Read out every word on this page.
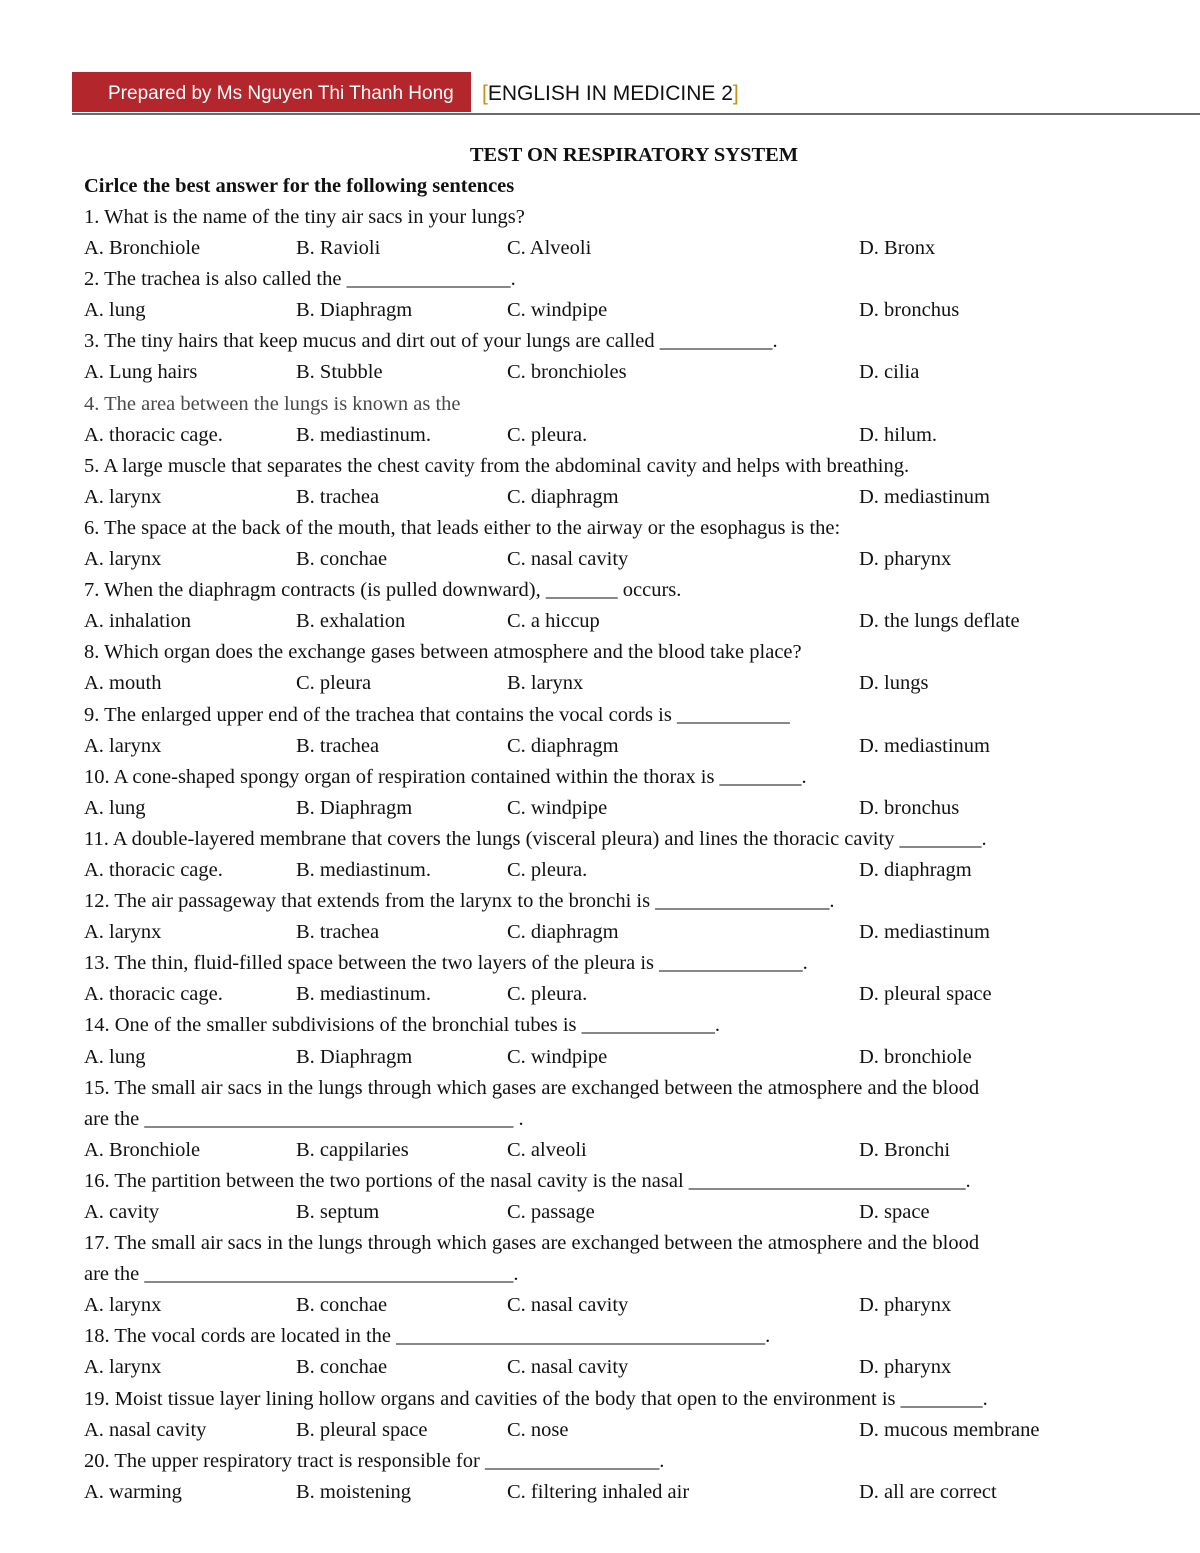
Prepared by Ms Nguyen Thi Thanh Hong	[ENGLISH IN MEDICINE 2]
TEST ON RESPIRATORY SYSTEM
Cirlce the best answer for the following sentences
1. What is the name of the tiny air sacs in your lungs?
A. Bronchiole	B. Ravioli	C. Alveoli	D. Bronx
2. The trachea is also called the ________________.
A. lung	B. Diaphragm	C. windpipe	D. bronchus
3. The tiny hairs that keep mucus and dirt out of your lungs are called ___________.
A. Lung hairs	B. Stubble	C. bronchioles	D. cilia
4. The area between the lungs is known as the
A. thoracic cage.	B. mediastinum.	C. pleura.	D. hilum.
5. A large muscle that separates the chest cavity from the abdominal cavity and helps with breathing.
A. larynx	B. trachea	C. diaphragm	D. mediastinum
6. The space at the back of the mouth, that leads either to the airway or the esophagus is the:
A. larynx	B. conchae	C. nasal cavity	D. pharynx
7. When the diaphragm contracts (is pulled downward), _______ occurs.
A. inhalation	B. exhalation	C. a hiccup	D. the lungs deflate
8. Which organ does the exchange gases between atmosphere and the blood take place?
A. mouth	C. pleura	B. larynx	D. lungs
9. The enlarged upper end of the trachea that contains the vocal cords is ___________
A. larynx	B. trachea	C. diaphragm	D. mediastinum
10. A cone-shaped spongy organ of respiration contained within the thorax is ________.
A. lung	B. Diaphragm	C. windpipe	D. bronchus
11. A double-layered membrane that covers the lungs (visceral pleura) and lines the thoracic cavity ________.
A. thoracic cage.	B. mediastinum.	C. pleura.	D. diaphragm
12. The air passageway that extends from the larynx to the bronchi is _________________.
A. larynx	B. trachea	C. diaphragm	D. mediastinum
13. The thin, fluid-filled space between the two layers of the pleura is ______________.
A. thoracic cage.	B. mediastinum.	C. pleura.	D. pleural space
14. One of the smaller subdivisions of the bronchial tubes is _____________.
A. lung	B. Diaphragm	C. windpipe	D. bronchiole
15. The small air sacs in the lungs through which gases are exchanged between the atmosphere and the blood
are the ____________________________________ .
A. Bronchiole	B. cappilaries	C. alveoli	D. Bronchi
16. The partition between the two portions of the nasal cavity is the nasal ___________________________.
A. cavity	B. septum	C. passage	D. space
17. The small air sacs in the lungs through which gases are exchanged between the atmosphere and the blood
are the ____________________________________.
A. larynx	B. conchae	C. nasal cavity	D. pharynx
18. The vocal cords are located in the ____________________________________.
A. larynx	B. conchae	C. nasal cavity	D. pharynx
19. Moist tissue layer lining hollow organs and cavities of the body that open to the environment is ________.
A. nasal cavity	B. pleural space	C. nose	D. mucous membrane
20. The upper respiratory tract is responsible for _________________.
A. warming	B. moistening	C. filtering inhaled air	D. all are correct
